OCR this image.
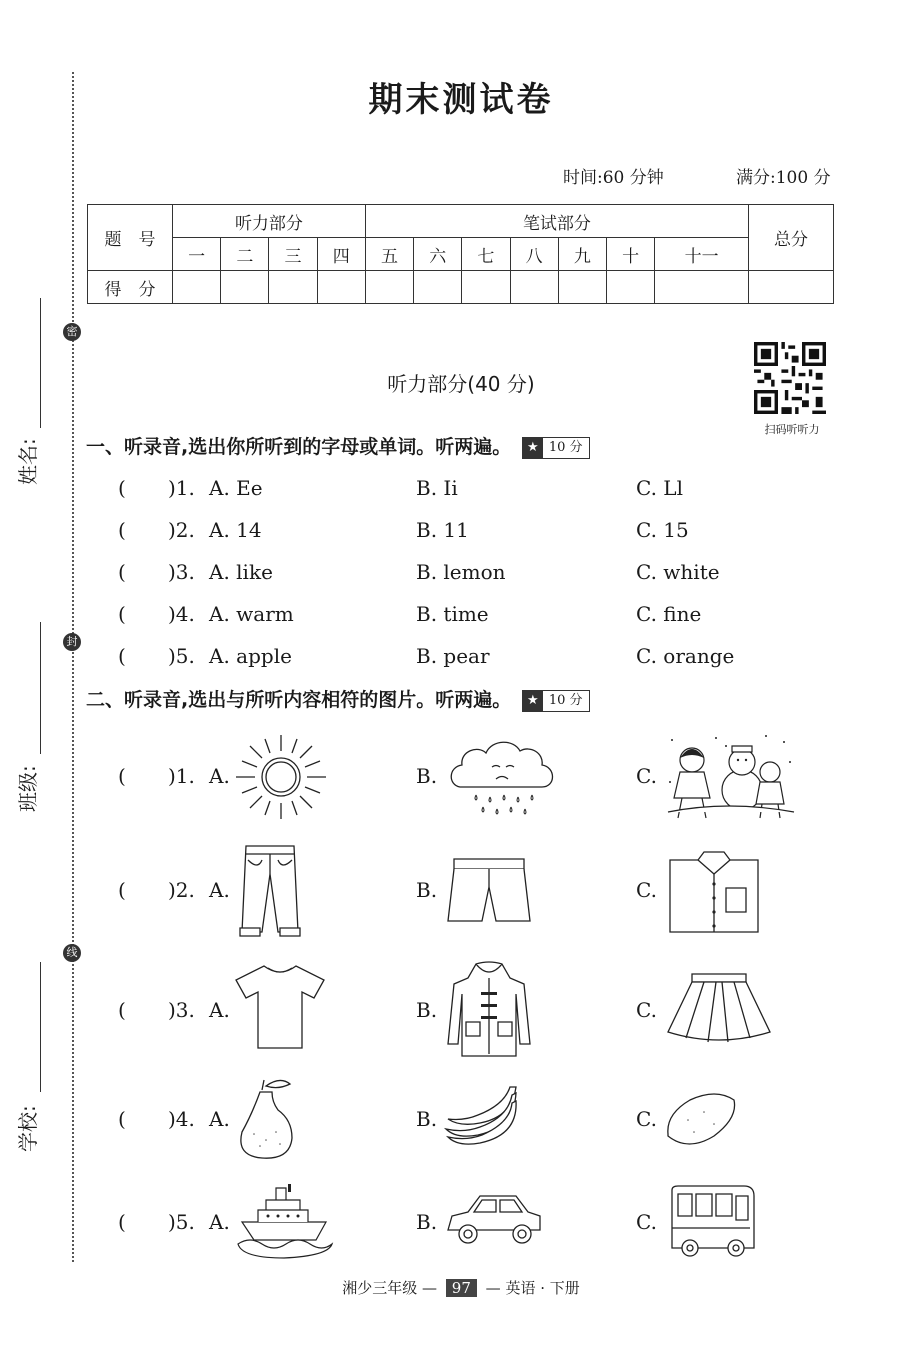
密
封
线
姓名:
班级:
学校:
期末测试卷
时间:60 分钟	满分:100 分
题　号	听力部分				笔试部分							总分
	一	二	三	四	五	六	七	八	九	十	十一	
得　分												
听力部分(40 分)
扫码听听力
一、听录音,选出你所听到的字母或单词。听两遍。 ★ 10 分
( )1. A. Ee	B. Ii	C. Ll
( )2. A. 14	B. 11	C. 15
( )3. A. like	B. lemon	C. white
( )4. A. warm	B. time	C. fine
( )5. A. apple	B. pear	C. orange
二、听录音,选出与所听内容相符的图片。听两遍。 ★ 10 分
( )1. A.	B.	C.
( )2. A.	B.	C.
( )3. A.	B.	C.
( )4. A.	B.	C.
( )5. A.	B.	C.
湘少三年级 — 97 — 英语 · 下册
